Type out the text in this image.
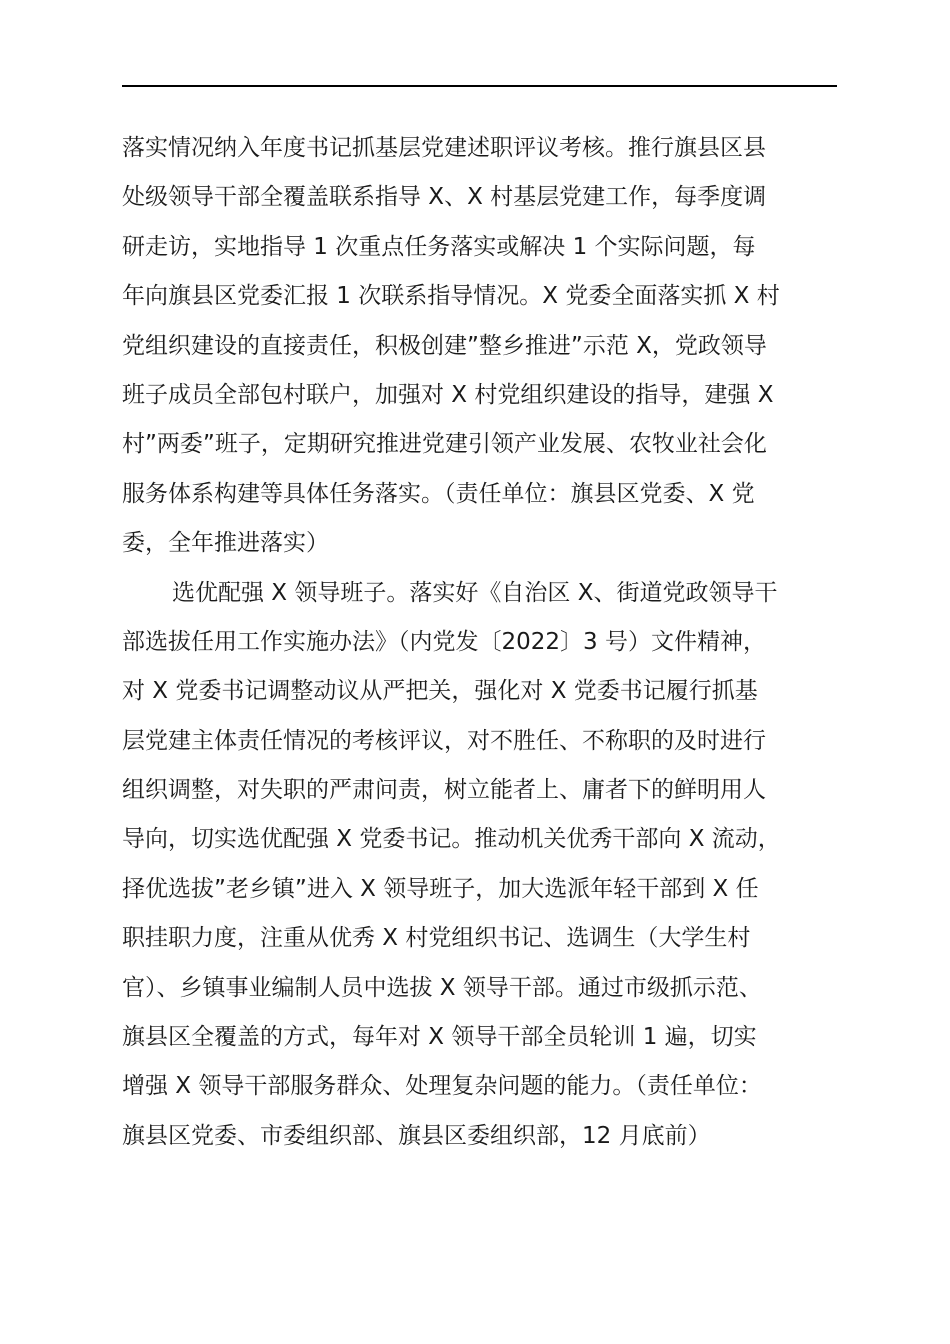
落实情况纳入年度书记抓基层党建述职评议考核。推行旗县区县
处级领导干部全覆盖联系指导 X、X 村基层党建工作，每季度调
研走访，实地指导 1 次重点任务落实或解决 1 个实际问题，每
年向旗县区党委汇报 1 次联系指导情况。X 党委全面落实抓 X 村
党组织建设的直接责任，积极创建”整乡推进”示范 X，党政领导
班子成员全部包村联户，加强对 X 村党组织建设的指导，建强 X
村”两委”班子，定期研究推进党建引领产业发展、农牧业社会化
服务体系构建等具体任务落实。（责任单位：旗县区党委、X 党
委，全年推进落实）
选优配强 X 领导班子。落实好《自治区 X、街道党政领导干
部选拔任用工作实施办法》（内党发〔2022〕3 号）文件精神，
对 X 党委书记调整动议从严把关，强化对 X 党委书记履行抓基
层党建主体责任情况的考核评议，对不胜任、不称职的及时进行
组织调整，对失职的严肃问责，树立能者上、庸者下的鲜明用人
导向，切实选优配强 X 党委书记。推动机关优秀干部向 X 流动，
择优选拔”老乡镇”进入 X 领导班子，加大选派年轻干部到 X 任
职挂职力度，注重从优秀 X 村党组织书记、选调生（大学生村
官）、乡镇事业编制人员中选拔 X 领导干部。通过市级抓示范、
旗县区全覆盖的方式，每年对 X 领导干部全员轮训 1 遍，切实
增强 X 领导干部服务群众、处理复杂问题的能力。（责任单位：
旗县区党委、市委组织部、旗县区委组织部，12 月底前）
